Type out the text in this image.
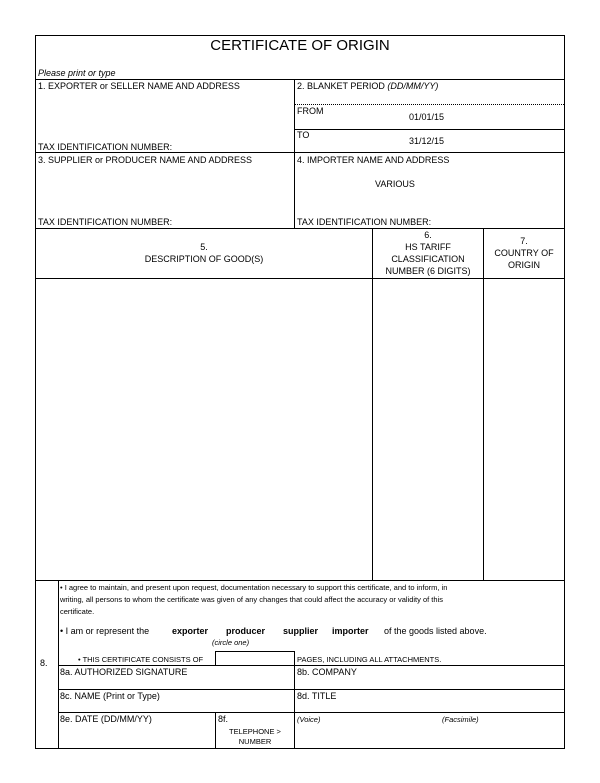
CERTIFICATE OF ORIGIN
Please print or type
1. EXPORTER or SELLER NAME AND ADDRESS
TAX IDENTIFICATION NUMBER:
2. BLANKET PERIOD (DD/MM/YY)
FROM
01/01/15
TO
31/12/15
3. SUPPLIER or PRODUCER NAME AND ADDRESS
TAX IDENTIFICATION NUMBER:
4. IMPORTER NAME AND ADDRESS
VARIOUS
TAX IDENTIFICATION NUMBER:
5.
DESCRIPTION OF GOOD(S)
6.
HS TARIFF
CLASSIFICATION
NUMBER (6 DIGITS)
7.
COUNTRY OF
ORIGIN
8.
• I agree to maintain, and present upon request, documentation necessary to support this certificate, and to inform, in
writing, all persons to whom the certificate was given of any changes that could affect the accuracy or validity of this
certificate.
• I am or represent the	exporter producer supplier importer of the goods listed above.
(circle one)
• THIS CERTIFICATE CONSISTS OF	PAGES, INCLUDING ALL ATTACHMENTS.
8a. AUTHORIZED SIGNATURE	8b. COMPANY
8c. NAME (Print or Type)	8d. TITLE
8e. DATE (DD/MM/YY)	8f.
TELEPHONE >
NUMBER
(Voice)	(Facsimile)
